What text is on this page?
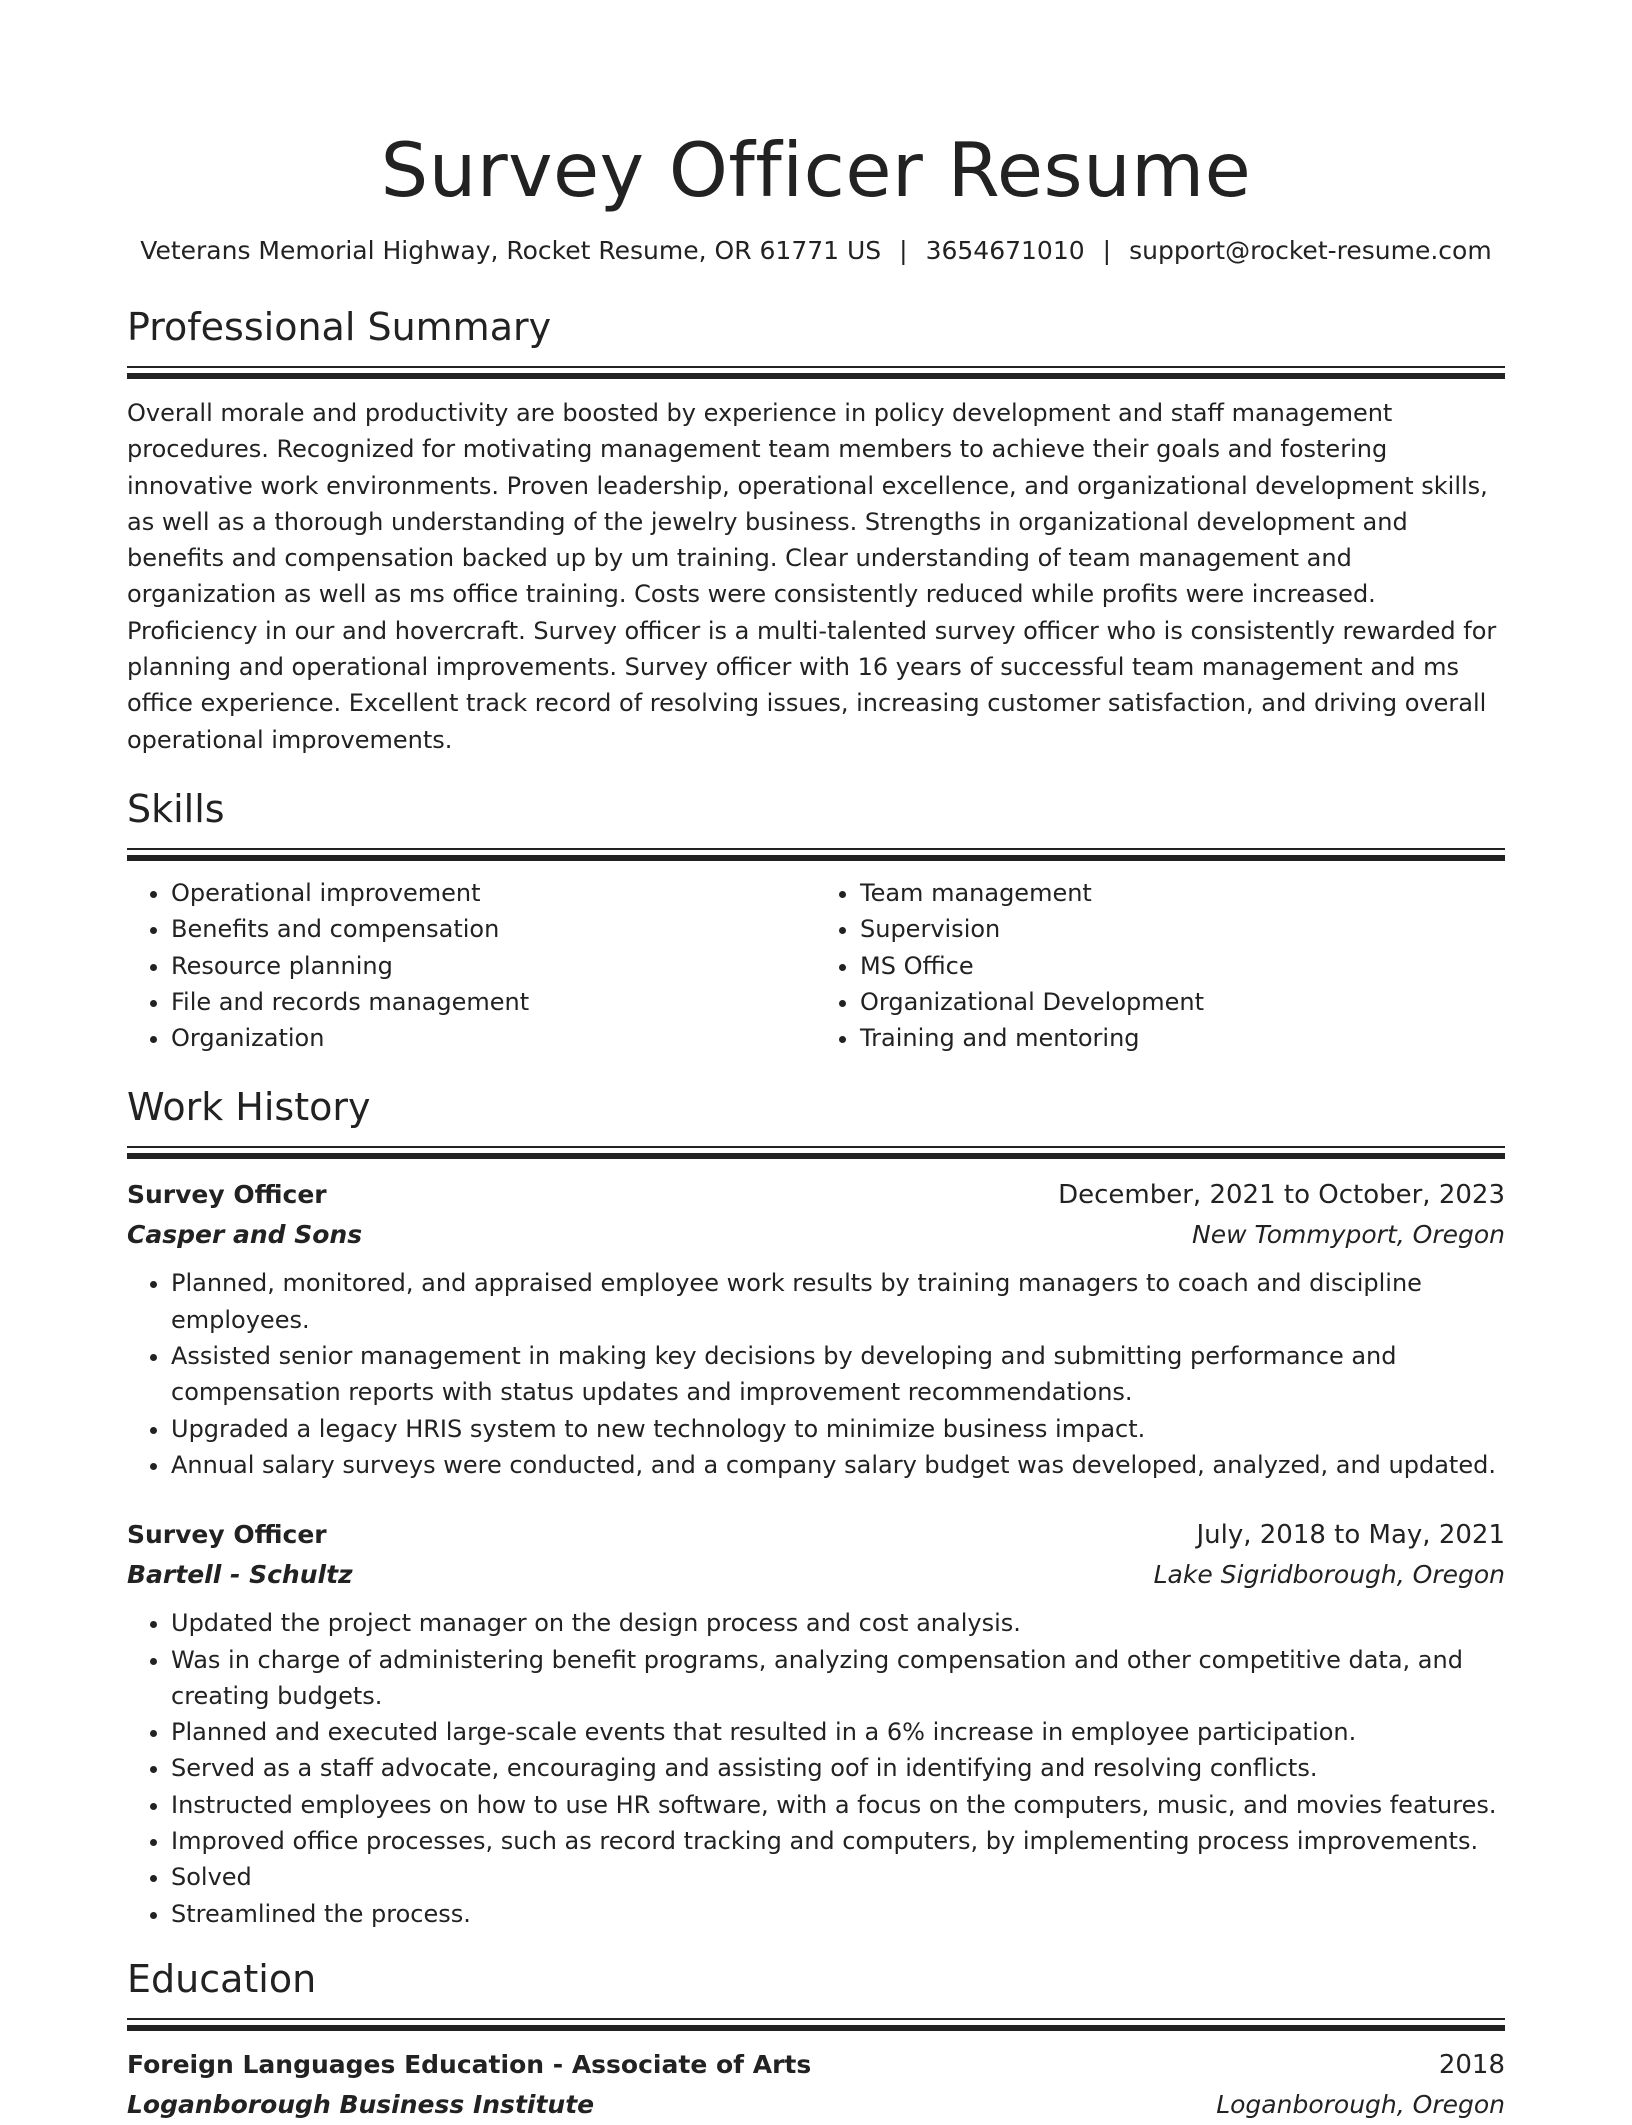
Survey Officer Resume
Veterans Memorial Highway, Rocket Resume, OR 61771 US | 3654671010 | support@rocket-resume.com
Professional Summary

Overall morale and productivity are boosted by experience in policy development and staff management procedures. Recognized for motivating management team members to achieve their goals and fostering innovative work environments. Proven leadership, operational excellence, and organizational development skills, as well as a thorough understanding of the jewelry business. Strengths in organizational development and benefits and compensation backed up by um training. Clear understanding of team management and organization as well as ms office training. Costs were consistently reduced while profits were increased. Proficiency in our and hovercraft. Survey officer is a multi-talented survey officer who is consistently rewarded for planning and operational improvements. Survey officer with 16 years of successful team management and ms office experience. Excellent track record of resolving issues, increasing customer satisfaction, and driving overall operational improvements.

Skills
• Operational improvement
• Benefits and compensation
• Resource planning
• File and records management
• Organization
• Team management
• Supervision
• MS Office
• Organizational Development
• Training and mentoring
Work History
Survey Officer	December, 2021 to October, 2023
Casper and Sons	New Tommyport, Oregon
• Planned, monitored, and appraised employee work results by training managers to coach and discipline employees.
• Assisted senior management in making key decisions by developing and submitting performance and compensation reports with status updates and improvement recommendations.
• Upgraded a legacy HRIS system to new technology to minimize business impact.
• Annual salary surveys were conducted, and a company salary budget was developed, analyzed, and updated.
Survey Officer	July, 2018 to May, 2021
Bartell - Schultz	Lake Sigridborough, Oregon
• Updated the project manager on the design process and cost analysis.
• Was in charge of administering benefit programs, analyzing compensation and other competitive data, and creating budgets.
• Planned and executed large-scale events that resulted in a 6% increase in employee participation.
• Served as a staff advocate, encouraging and assisting oof in identifying and resolving conflicts.
• Instructed employees on how to use HR software, with a focus on the computers, music, and movies features.
• Improved office processes, such as record tracking and computers, by implementing process improvements.
• Solved
• Streamlined the process.
Education
Foreign Languages Education - Associate of Arts	2018
Loganborough Business Institute	Loganborough, Oregon
